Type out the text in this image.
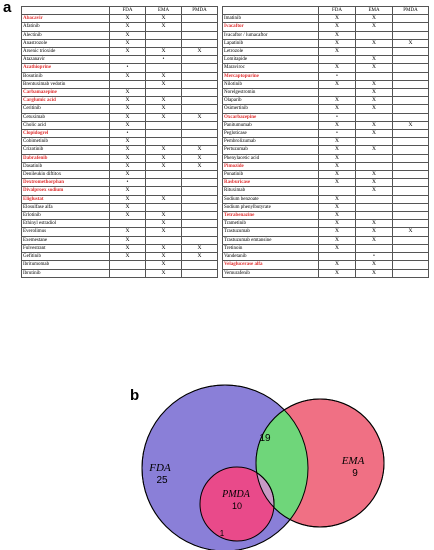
a
		FDA	EMA	PMDA
Abacavir	X	X	
Afatinib	X	X	
Alectinib	X		
Anastrozole	X		
Arsenic trioxide	X	X	X
Atazanavir		•	
Azathioprine	•		
Bosutinib	X	X	
Brentuximab vedotin		X	
Carbamazepine	X		
Carglumic acid	X	X	
Ceritinib	X	X	
Cetuximab	X	X	X
Cholic acid	X		
Clopidogrel	•		
Cobimetinib	X		
Crizotinib	X	X	X
Dabrafenib	X	X	X
Dasatinib	X	X	X
Denileukin diftitox	X		
Dextromethorphan	•		
Divalproex sodium	X		
Eliglustat	X	X	
Elosulfase alfa	X		
Erlotinib	X	X	
Ethinyl estradiol		X	
Everolimus	X	X	
Exemestane	X		
Fulvestrant	X	X	X
Gefitinib	X	X	X
Ibritumomab		X	
Ibrutinib		X	
	FDA	EMA	PMDA
Imatinib	X	X	
Ivacaftor	X	X	
Ivacaftor / lumacaftor	X		
Lapatinib	X	X	X
Letrozole	X		
Lomitapide		X	
Maraviroc	X	X	
Mercaptopurine	•		
Nilotinib	X	X	
Norelgestromin		X	
Olaparib	X	X	
Osimertinib	X	X	
Oxcarbazepine	•		
Panitumumab	X	X	X
Pegloticase	•	X	
Pembrolizumab	X		
Pertuzumab	X	X	
Phenylacetic acid	X		
Pimozide	X		
Ponatinib	X	X	
Rasburicase	X	X	
Rituximab		X	
Sodium benzoate	X		
Sodium phenylbutyrate	X		
Tetrabenazine	X		
Trametinib	X	X	
Trastuzumab	X	X	X
Trastuzumab emtansine	X	X	
Tretinoin	X		
Vandetanib		•	
Velaglucerase alfa	X	X	
Vemurafenib	X	X	
b
FDA
25
19
EMA
9
PMDA
10
1
